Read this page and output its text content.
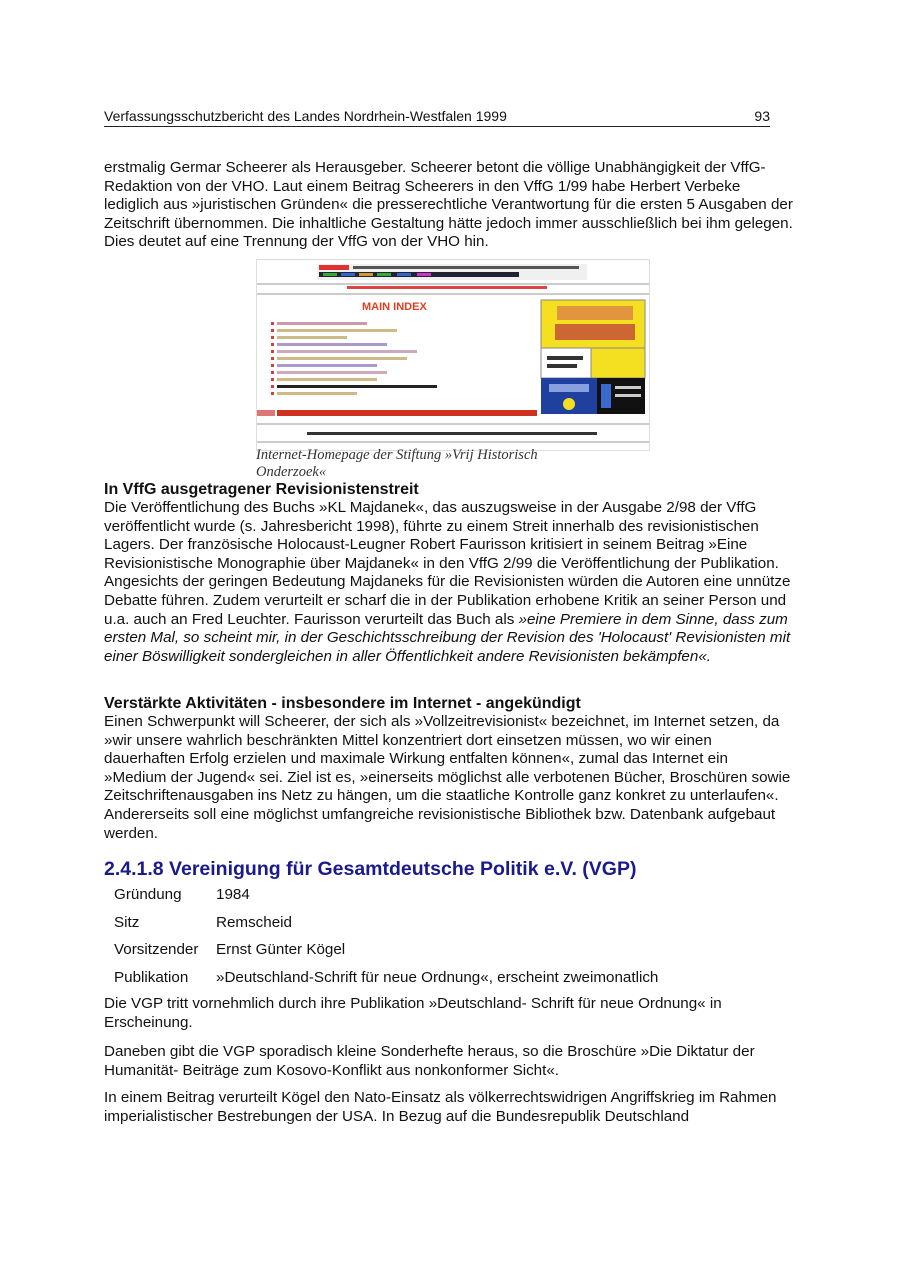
Verfassungsschutzbericht des Landes Nordrhein-Westfalen 1999	93

erstmalig Germar Scheerer als Herausgeber. Scheerer betont die völlige Unabhängigkeit der VffG-Redaktion von der VHO. Laut einem Beitrag Scheerers in den VffG 1/99 habe Herbert Verbeke lediglich aus »juristischen Gründen« die presserechtliche Verantwortung für die ersten 5 Ausgaben der Zeitschrift übernommen. Die inhaltliche Gestaltung hätte jedoch immer ausschließlich bei ihm gelegen. Dies deutet auf eine Trennung der VffG von der VHO hin.

MAIN INDEX
Internet-Homepage der Stiftung »Vrij Historisch
Onderzoek«
In VffG ausgetragener Revisionistenstreit

Die Veröffentlichung des Buchs »KL Majdanek«, das auszugsweise in der Ausgabe 2/98 der VffG veröffentlicht wurde (s. Jahresbericht 1998), führte zu einem Streit innerhalb des revisionistischen Lagers. Der französische Holocaust-Leugner Robert Faurisson kritisiert in seinem Beitrag »Eine Revisionistische Monographie über Majdanek« in den VffG 2/99 die Veröffentlichung der Publikation. Angesichts der geringen Bedeutung Majdaneks für die Revisionisten würden die Autoren eine unnütze Debatte führen. Zudem verurteilt er scharf die in der Publikation erhobene Kritik an seiner Person und u.a. auch an Fred Leuchter. Faurisson verurteilt das Buch als »eine Premiere in dem Sinne, dass zum ersten Mal, so scheint mir, in der Geschichtsschreibung der Revision des 'Holocaust' Revisionisten mit einer Böswilligkeit sondergleichen in aller Öffentlichkeit andere Revisionisten bekämpfen«.

Verstärkte Aktivitäten - insbesondere im Internet - angekündigt

Einen Schwerpunkt will Scheerer, der sich als »Vollzeitrevisionist« bezeichnet, im Internet setzen, da »wir unsere wahrlich beschränkten Mittel konzentriert dort einsetzen müssen, wo wir einen dauerhaften Erfolg erzielen und maximale Wirkung entfalten können«, zumal das Internet ein »Medium der Jugend« sei. Ziel ist es, »einerseits möglichst alle verbotenen Bücher, Broschüren sowie Zeitschriftenausgaben ins Netz zu hängen, um die staatliche Kontrolle ganz konkret zu unterlaufen«. Andererseits soll eine möglichst umfangreiche revisionistische Bibliothek bzw. Datenbank aufgebaut werden.

2.4.1.8 Vereinigung für Gesamtdeutsche Politik e.V. (VGP)
Gründung	1984
Sitz	Remscheid
Vorsitzender	Ernst Günter Kögel
Publikation	»Deutschland-Schrift für neue Ordnung«, erscheint zweimonatlich

Die VGP tritt vornehmlich durch ihre Publikation »Deutschland- Schrift für neue Ordnung« in Erscheinung.

Daneben gibt die VGP sporadisch kleine Sonderhefte heraus, so die Broschüre »Die Diktatur der Humanität- Beiträge zum Kosovo-Konflikt aus nonkonformer Sicht«.

In einem Beitrag verurteilt Kögel den Nato-Einsatz als völkerrechtswidrigen Angriffskrieg im Rahmen imperialistischer Bestrebungen der USA. In Bezug auf die Bundesrepublik Deutschland
